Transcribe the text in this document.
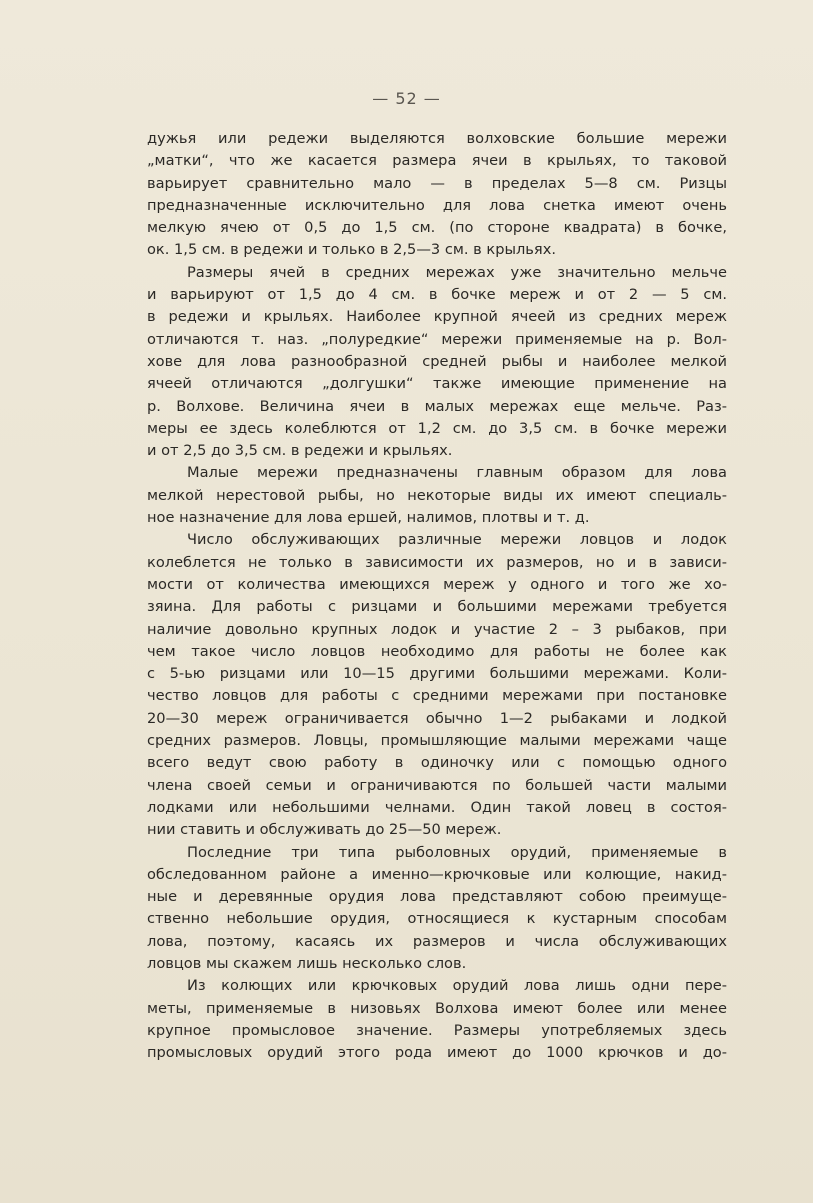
— 52 —
дужья или редежи выделяются волховские большие мережи
„матки“, что же касается размера ячеи в крыльях, то таковой
варьирует сравнительно мало — в пределах 5—8 см. Ризцы
предназначенные исключительно для лова снетка имеют очень
мелкую ячею от 0,5 до 1,5 см. (по стороне квадрата) в бочке,
ок. 1,5 см. в редежи и только в 2,5—3 см. в крыльях.
Размеры ячей в средних мережах уже значительно мельче
и варьируют от 1,5 до 4 см. в бочке мереж и от 2 — 5 см.
в редежи и крыльях. Наиболее крупной ячеей из средних мереж
отличаются т. наз. „полуредкие“ мережи применяемые на р. Вол-
хове для лова разнообразной средней рыбы и наиболее мелкой
ячеей отличаются „долгушки“ также имеющие применение на
р. Волхове. Величина ячеи в малых мережах еще мельче. Раз-
меры ее здесь колеблются от 1,2 см. до 3,5 см. в бочке мережи
и от 2,5 до 3,5 см. в редежи и крыльях.
Малые мережи предназначены главным образом для лова
мелкой нерестовой рыбы, но некоторые виды их имеют специаль-
ное назначение для лова ершей, налимов, плотвы и т. д.
Число обслуживающих различные мережи ловцов и лодок
колеблется не только в зависимости их размеров, но и в зависи-
мости от количества имеющихся мереж у одного и того же хо-
зяина. Для работы с ризцами и большими мережами требуется
наличие довольно крупных лодок и участие 2 – 3 рыбаков, при
чем такое число ловцов необходимо для работы не более как
с 5-ью ризцами или 10—15 другими большими мережами. Коли-
чество ловцов для работы с средними мережами при постановке
20—30 мереж ограничивается обычно 1—2 рыбаками и лодкой
средних размеров. Ловцы, промышляющие малыми мережами чаще
всего ведут свою работу в одиночку или с помощью одного
члена своей семьи и ограничиваются по большей части малыми
лодками или небольшими челнами. Один такой ловец в состоя-
нии ставить и обслуживать до 25—50 мереж.
Последние три типа рыболовных орудий, применяемые в
обследованном районе а именно—крючковые или колющие, накид-
ные и деревянные орудия лова представляют собою преимуще-
ственно небольшие орудия, относящиеся к кустарным способам
лова, поэтому, касаясь их размеров и числа обслуживающих
ловцов мы скажем лишь несколько слов.
Из колющих или крючковых орудий лова лишь одни пере-
меты, применяемые в низовьях Волхова имеют более или менее
крупное промысловое значение. Размеры употребляемых здесь
промысловых орудий этого рода имеют до 1000 крючков и до-
